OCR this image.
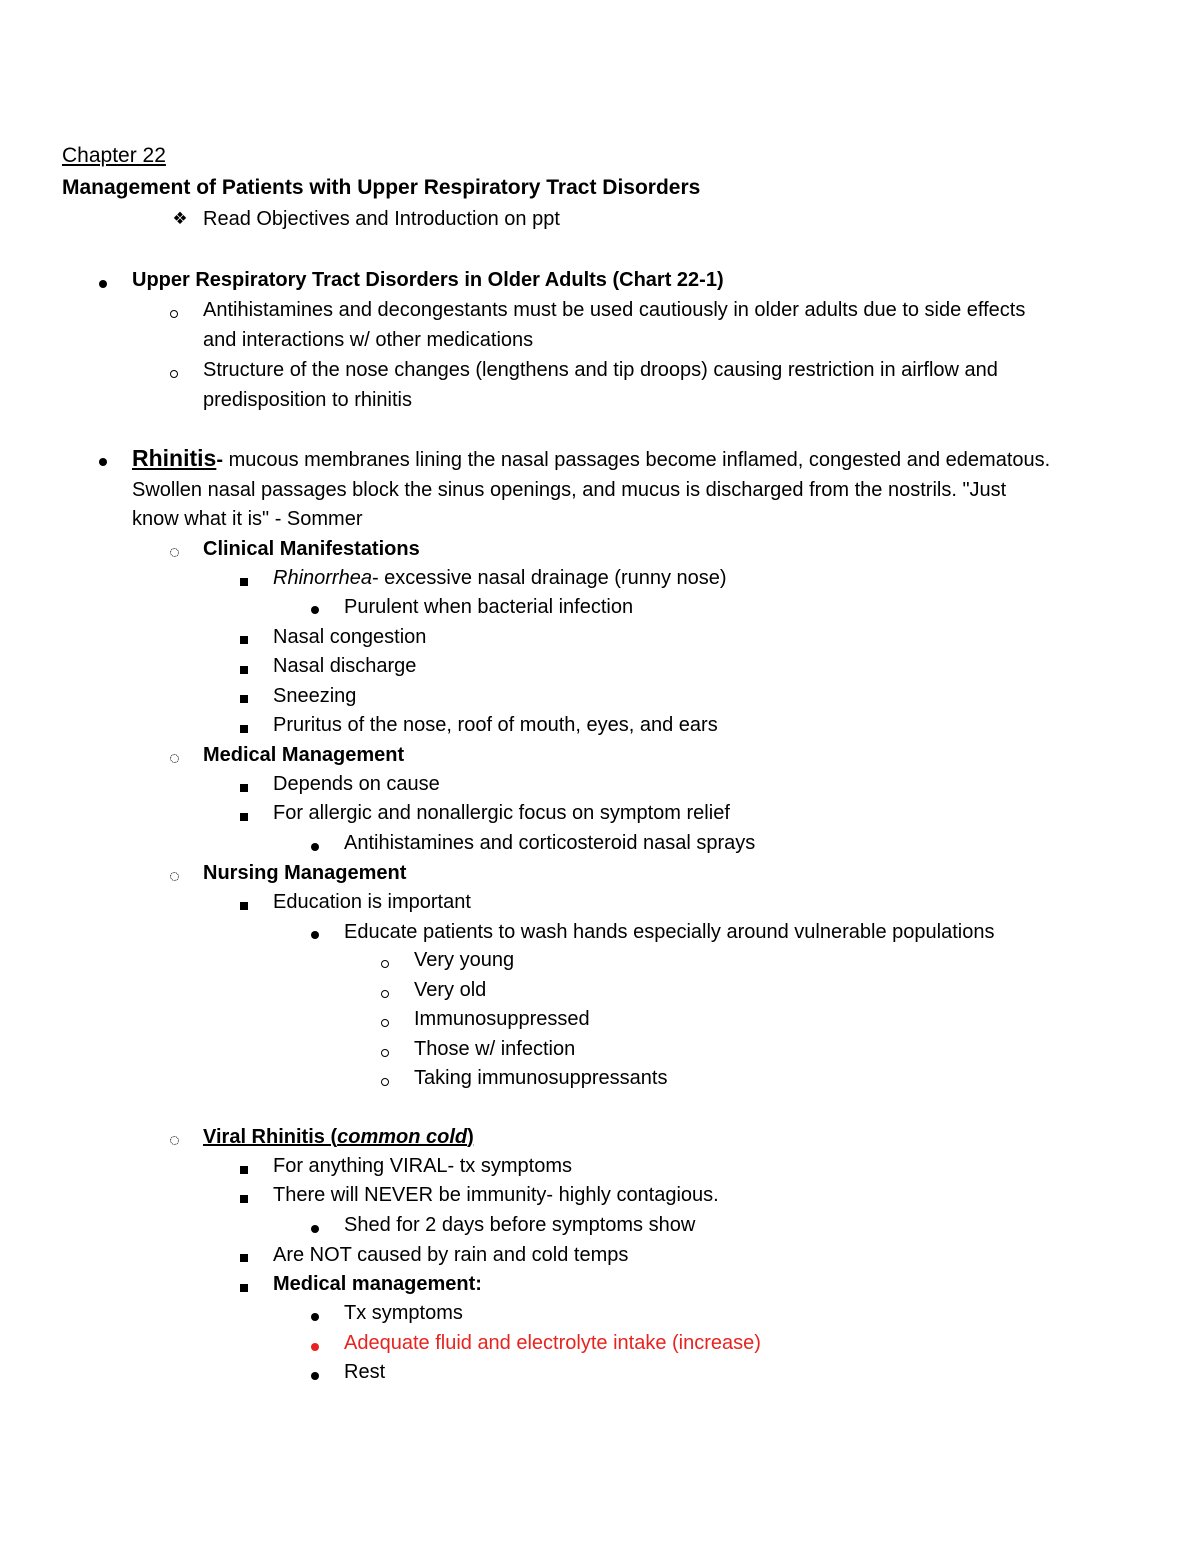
Chapter 22
Management of Patients with Upper Respiratory Tract Disorders
❖ Read Objectives and Introduction on ppt
Upper Respiratory Tract Disorders in Older Adults (Chart 22-1)
Antihistamines and decongestants must be used cautiously in older adults due to side effects
and interactions w/ other medications
Structure of the nose changes (lengthens and tip droops) causing restriction in airflow and
predisposition to rhinitis
Rhinitis- mucous membranes lining the nasal passages become inflamed, congested and edematous.
Swollen nasal passages block the sinus openings, and mucus is discharged from the nostrils. "Just
know what it is" - Sommer
Clinical Manifestations
Rhinorrhea- excessive nasal drainage (runny nose)
Purulent when bacterial infection
Nasal congestion
Nasal discharge
Sneezing
Pruritus of the nose, roof of mouth, eyes, and ears
Medical Management
Depends on cause
For allergic and nonallergic focus on symptom relief
Antihistamines and corticosteroid nasal sprays
Nursing Management
Education is important
Educate patients to wash hands especially around vulnerable populations
Very young
Very old
Immunosuppressed
Those w/ infection
Taking immunosuppressants
Viral Rhinitis (common cold)
For anything VIRAL- tx symptoms
There will NEVER be immunity- highly contagious.
Shed for 2 days before symptoms show
Are NOT caused by rain and cold temps
Medical management:
Tx symptoms
Adequate fluid and electrolyte intake (increase)
Rest
